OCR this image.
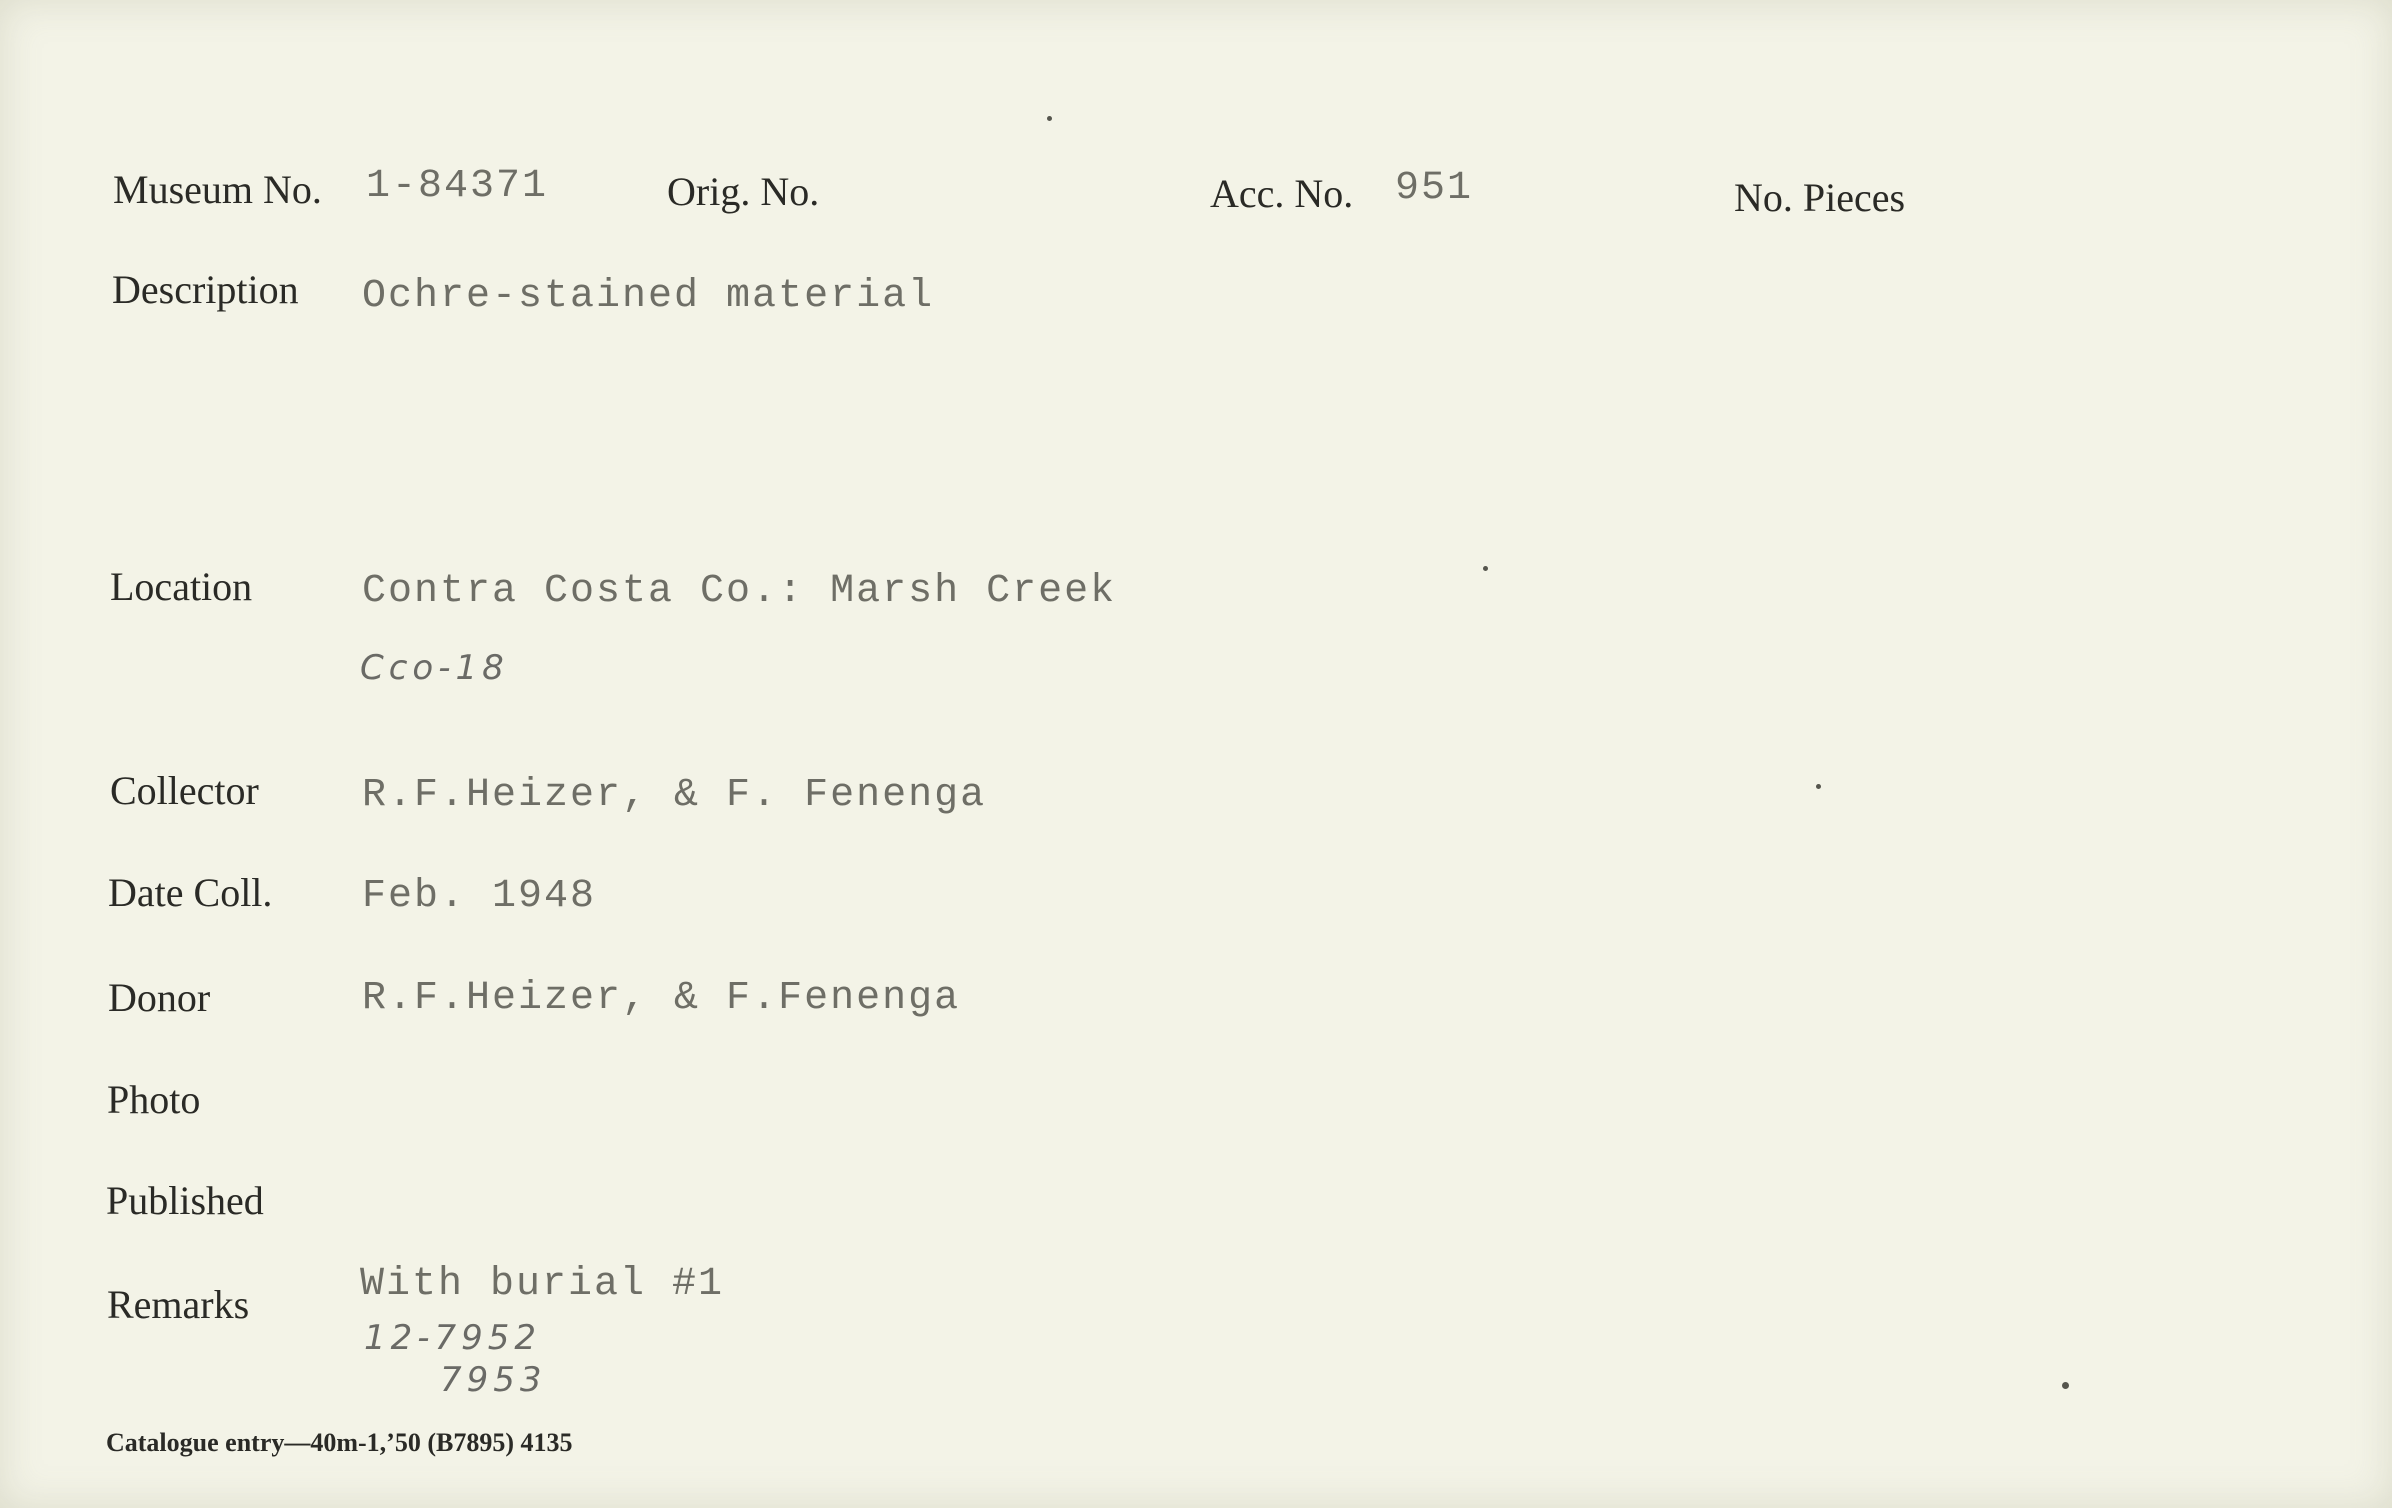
Museum No. 1-84371	Orig. No.	Acc. No. 951	No. Pieces
Description Ochre-stained material
Location	Contra Costa Co.: Marsh Creek
Cco-18
Collector	R.F.Heizer, & F. Fenenga
Date Coll. Feb. 1948
Donor	R.F.Heizer, & F.Fenenga
Photo
Published
Remarks	With burial #1
12-7952
7953
Catalogue entry—40m-1,’50 (B7895) 4135
